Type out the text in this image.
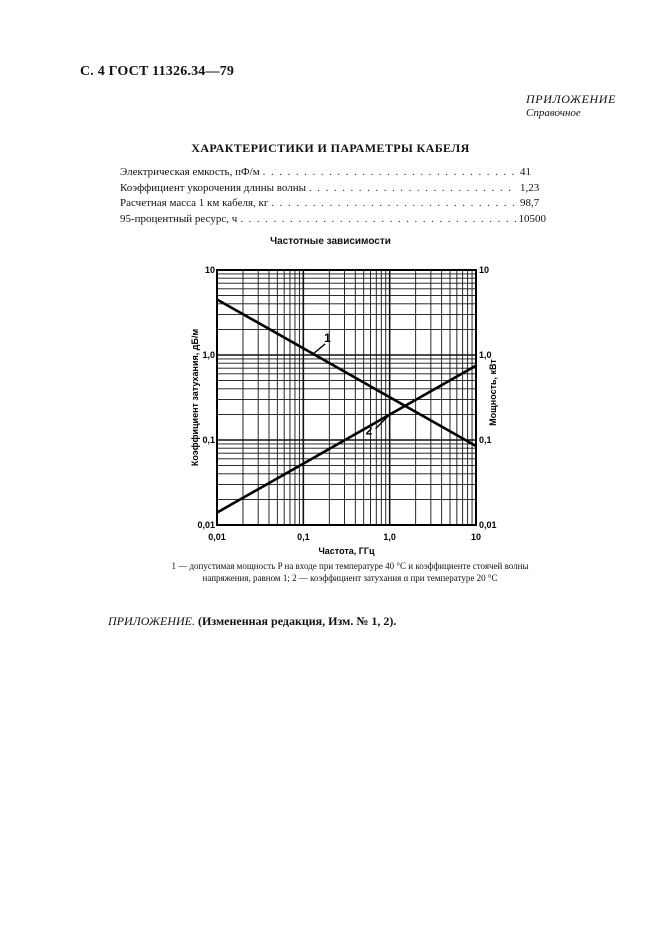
С. 4 ГОСТ 11326.34—79
ПРИЛОЖЕНИЕ
Справочное
ХАРАКТЕРИСТИКИ И ПАРАМЕТРЫ КАБЕЛЯ
Электрическая емкость, пФ/м . . .	41
Коэффициент укорочения длины волны . . .	1,23
Расчетная масса 1 км кабеля, кг . . .	98,7
95-процентный ресурс, ч . . .	10500
Частотные зависимости
0,01	0,1	1,0	10
0,01
0,1
1,0
10
0,01
0,1
1,0
10
Частота, ГГц
Коэффициент затухания, дБ/м	Мощность, кВт
1
2
1 — допустимая мощность P на входе при температуре 40 °С и коэффициенте стоячей волны
напряжения, равном 1; 2 — коэффициент затухания α при температуре 20 °С
ПРИЛОЖЕНИЕ. (Измененная редакция, Изм. № 1, 2).
